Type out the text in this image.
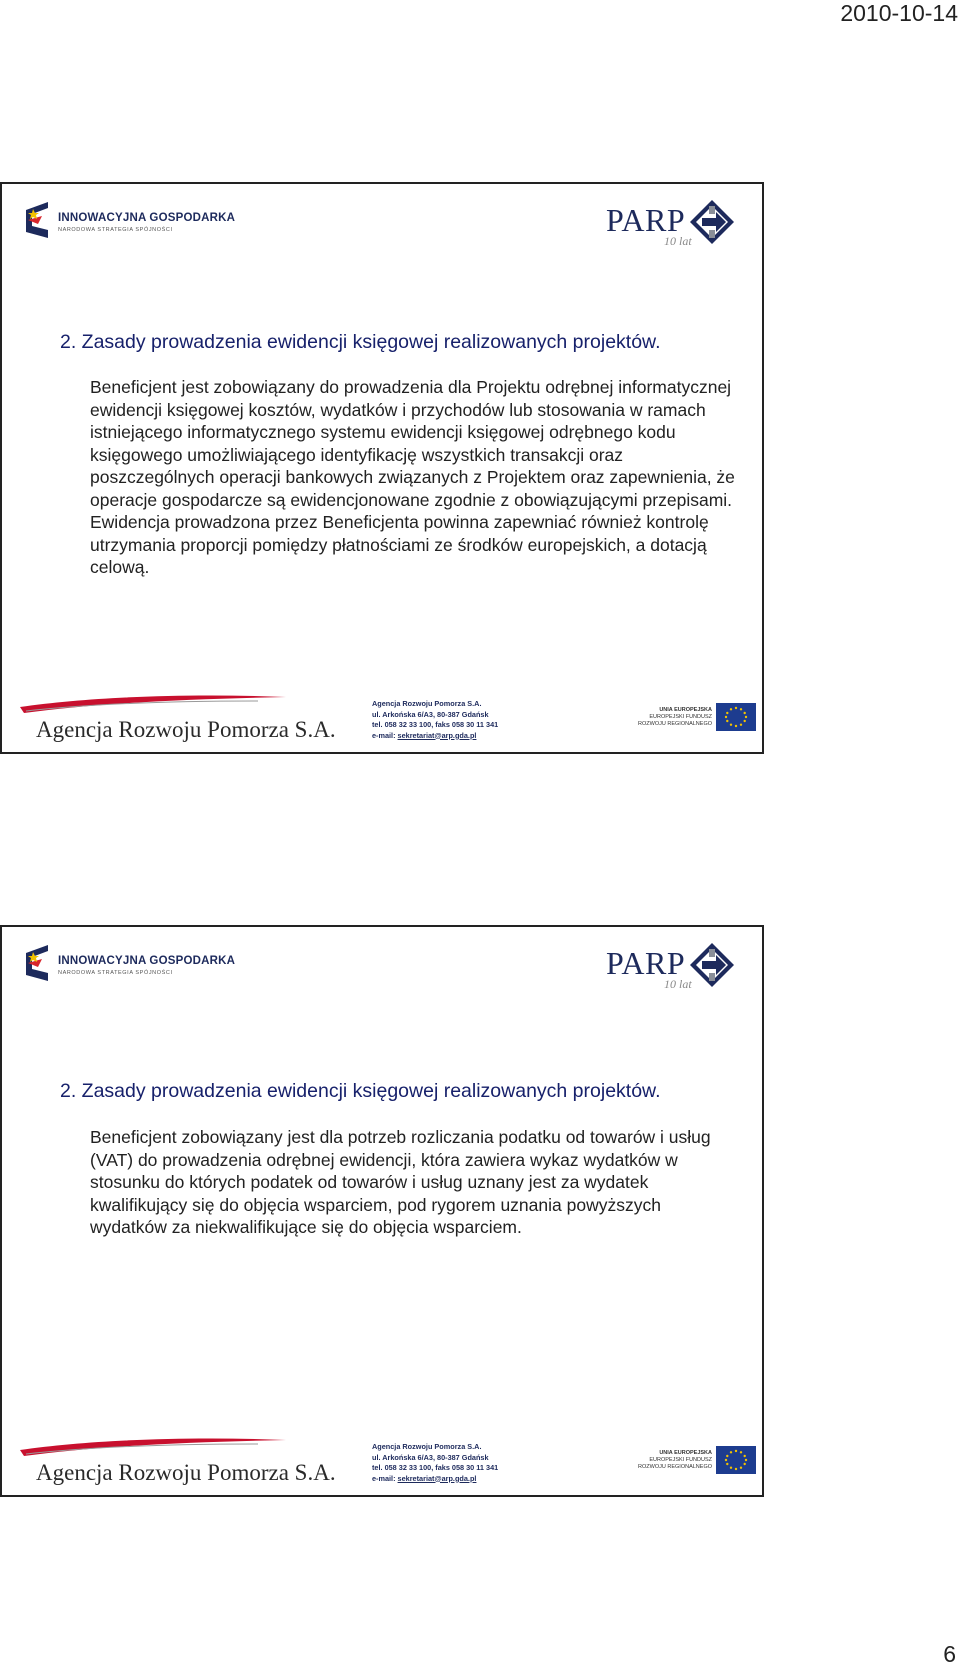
2010-10-14
INNOWACYJNA GOSPODARKA
NARODOWA STRATEGIA SPÓJNOŚCI	PARP
10 lat
2. Zasady prowadzenia ewidencji księgowej realizowanych projektów.

Beneficjent jest zobowiązany do prowadzenia dla Projektu odrębnej informatycznej ewidencji księgowej kosztów, wydatków i przychodów lub stosowania w ramach istniejącego informatycznego systemu ewidencji księgowej odrębnego kodu księgowego umożliwiającego identyfikację wszystkich transakcji oraz poszczególnych operacji bankowych związanych z Projektem oraz zapewnienia, że operacje gospodarcze są ewidencjonowane zgodnie z obowiązującymi przepisami.

Ewidencja prowadzona przez Beneficjenta powinna zapewniać również kontrolę utrzymania proporcji pomiędzy płatnościami ze środków europejskich, a dotacją celową.

Agencja Rozwoju Pomorza S.A.
Agencja Rozwoju Pomorza S.A.
ul. Arkońska 6/A3, 80-387 Gdańsk
tel. 058 32 33 100, faks 058 30 11 341
e-mail: sekretariat@arp.gda.pl
UNIA EUROPEJSKA
EUROPEJSKI FUNDUSZ
ROZWOJU REGIONALNEGO
INNOWACYJNA GOSPODARKA
NARODOWA STRATEGIA SPÓJNOŚCI	PARP
10 lat
2. Zasady prowadzenia ewidencji księgowej realizowanych projektów.

Beneficjent zobowiązany jest dla potrzeb rozliczania podatku od towarów i usług (VAT) do prowadzenia odrębnej ewidencji, która zawiera wykaz wydatków w stosunku do których podatek od towarów i usług uznany jest za wydatek kwalifikujący się do objęcia wsparciem, pod rygorem uznania powyższych wydatków za niekwalifikujące się do objęcia wsparciem.

Agencja Rozwoju Pomorza S.A.
Agencja Rozwoju Pomorza S.A.
ul. Arkońska 6/A3, 80-387 Gdańsk
tel. 058 32 33 100, faks 058 30 11 341
e-mail: sekretariat@arp.gda.pl
UNIA EUROPEJSKA
EUROPEJSKI FUNDUSZ
ROZWOJU REGIONALNEGO
6
